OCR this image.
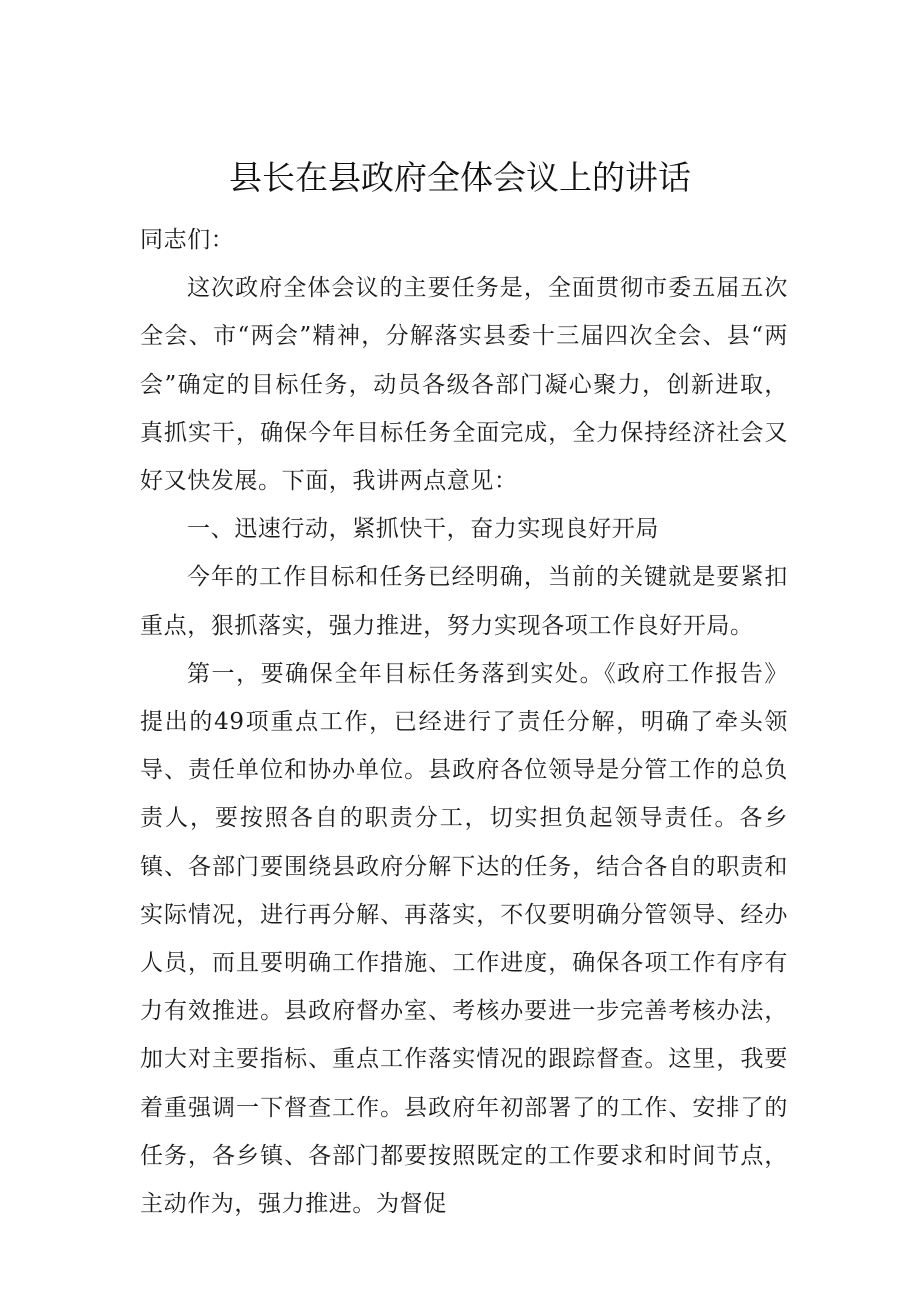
县长在县政府全体会议上的讲话

同志们：

这次政府全体会议的主要任务是，全面贯彻市委五届五次全会、市“两会”精神，分解落实县委十三届四次全会、县“两会”确定的目标任务，动员各级各部门凝心聚力，创新进取，真抓实干，确保今年目标任务全面完成，全力保持经济社会又好又快发展。下面，我讲两点意见：

一、迅速行动，紧抓快干，奋力实现良好开局

今年的工作目标和任务已经明确，当前的关键就是要紧扣重点，狠抓落实，强力推进，努力实现各项工作良好开局。

第一，要确保全年目标任务落到实处。《政府工作报告》提出的49项重点工作，已经进行了责任分解，明确了牵头领导、责任单位和协办单位。县政府各位领导是分管工作的总负责人，要按照各自的职责分工，切实担负起领导责任。各乡镇、各部门要围绕县政府分解下达的任务，结合各自的职责和实际情况，进行再分解、再落实，不仅要明确分管领导、经办人员，而且要明确工作措施、工作进度，确保各项工作有序有力有效推进。县政府督办室、考核办要进一步完善考核办法，加大对主要指标、重点工作落实情况的跟踪督查。这里，我要着重强调一下督查工作。县政府年初部署了的工作、安排了的任务，各乡镇、各部门都要按照既定的工作要求和时间节点，主动作为，强力推进。为督促
